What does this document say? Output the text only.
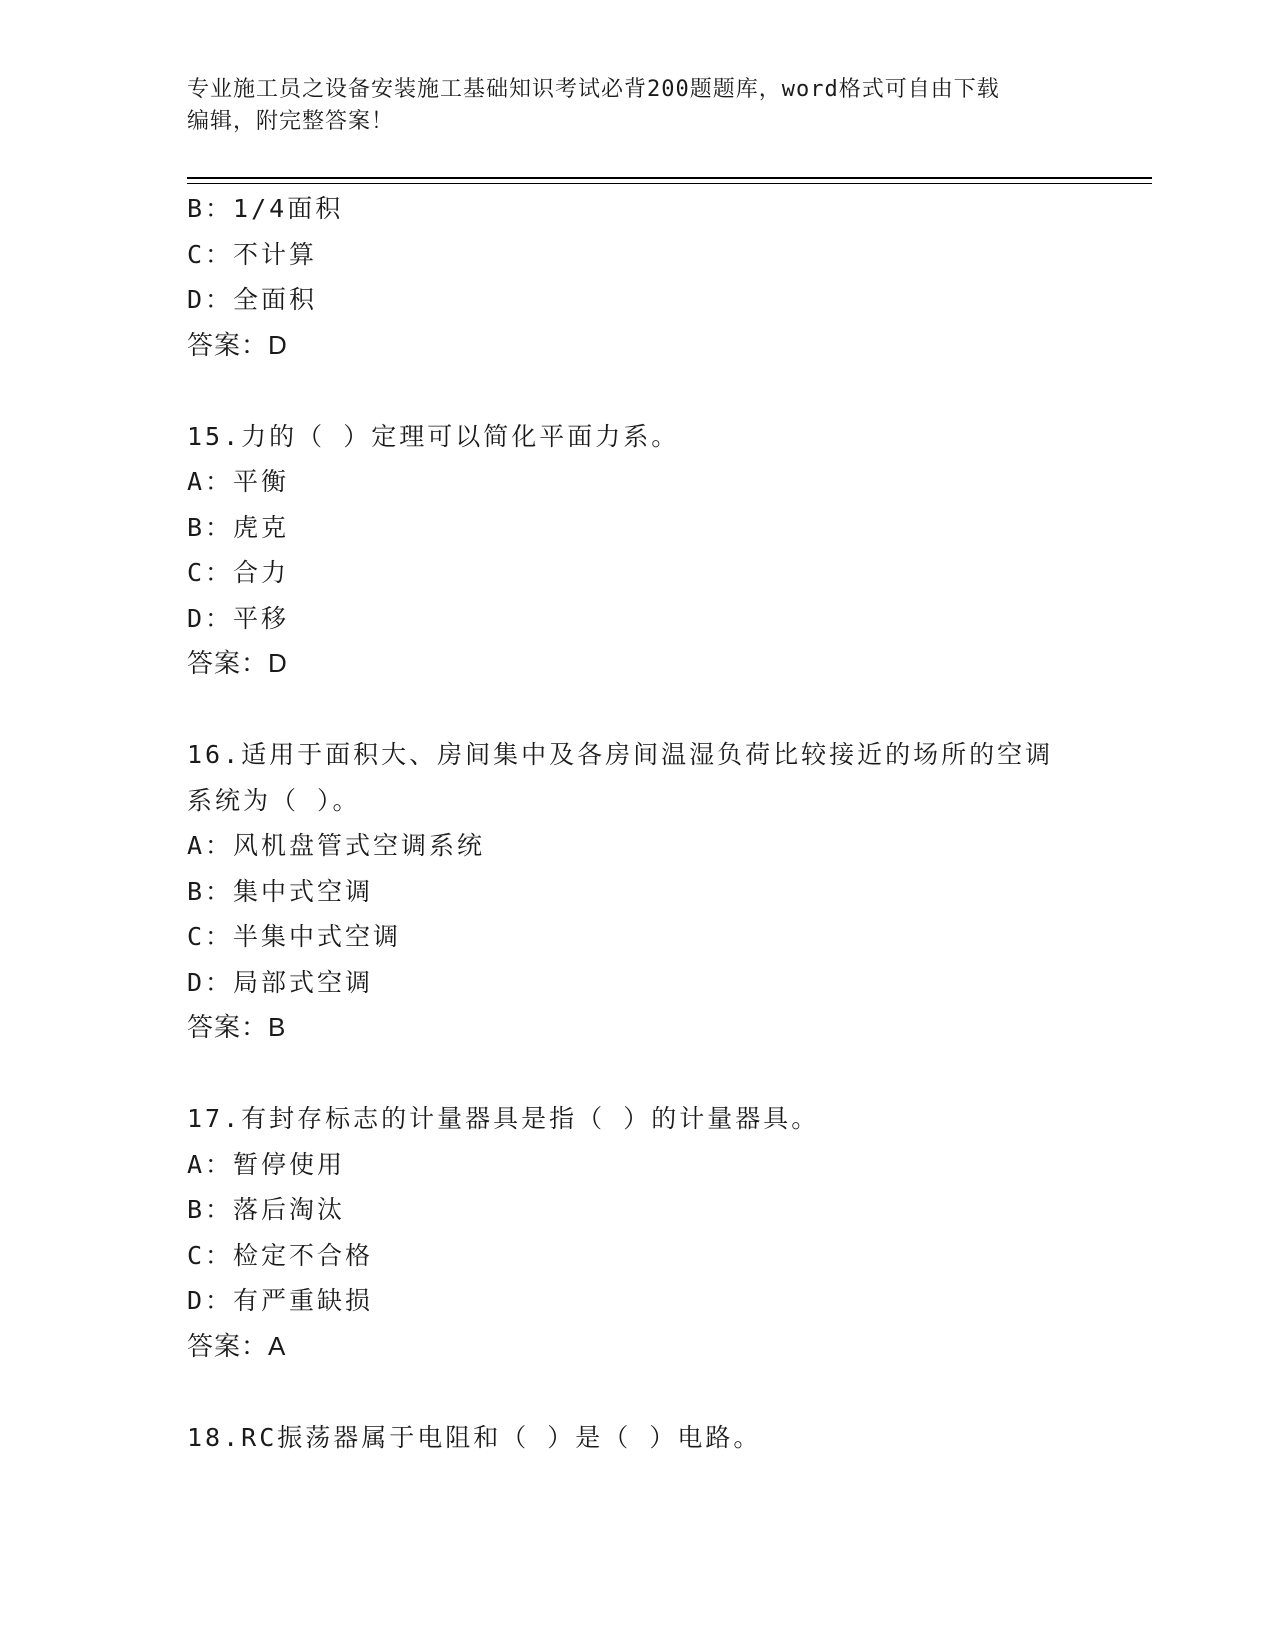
专业施工员之设备安装施工基础知识考试必背200题题库，word格式可自由下载
编辑，附完整答案！
B：1/4面积
C：不计算
D：全面积
答案：D
15.力的（ ）定理可以简化平面力系。
A：平衡
B：虎克
C：合力
D：平移
答案：D
16.适用于面积大、房间集中及各房间温湿负荷比较接近的场所的空调
系统为（ ）。
A：风机盘管式空调系统
B：集中式空调
C：半集中式空调
D：局部式空调
答案：B
17.有封存标志的计量器具是指（ ）的计量器具。
A：暂停使用
B：落后淘汰
C：检定不合格
D：有严重缺损
答案：A
18.RC振荡器属于电阻和（ ）是（ ）电路。
